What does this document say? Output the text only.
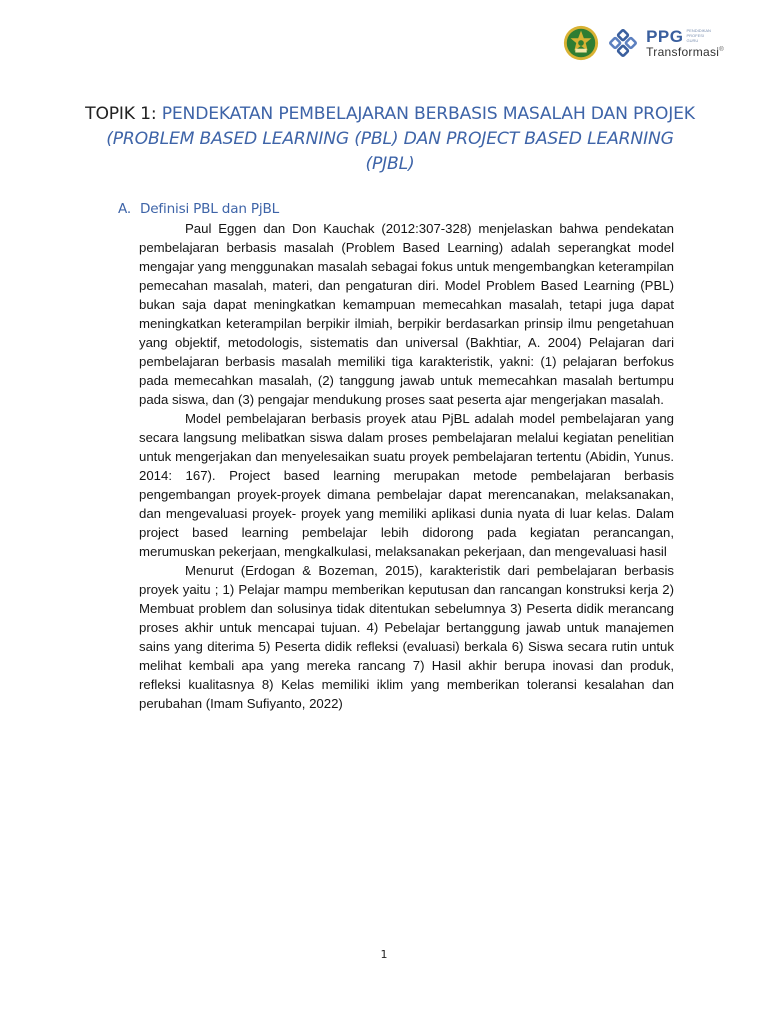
PPG PENDIDIKAN
PROFESI GURU
Transformasi®
TOPIK 1: PENDEKATAN PEMBELAJARAN BERBASIS MASALAH DAN PROJEK (PROBLEM BASED LEARNING (PBL) DAN PROJECT BASED LEARNING (PJBL)
A. Definisi PBL dan PjBL

Paul Eggen dan Don Kauchak (2012:307-328) menjelaskan bahwa pendekatan pembelajaran berbasis masalah (Problem Based Learning) adalah seperangkat model mengajar yang menggunakan masalah sebagai fokus untuk mengembangkan keterampilan pemecahan masalah, materi, dan pengaturan diri. Model Problem Based Learning (PBL) bukan saja dapat meningkatkan kemampuan memecahkan masalah, tetapi juga dapat meningkatkan keterampilan berpikir ilmiah, berpikir berdasarkan prinsip ilmu pengetahuan yang objektif, metodologis, sistematis dan universal (Bakhtiar, A. 2004) Pelajaran dari pembelajaran berbasis masalah memiliki tiga karakteristik, yakni: (1) pelajaran berfokus pada memecahkan masalah, (2) tanggung jawab untuk memecahkan masalah bertumpu pada siswa, dan (3) pengajar mendukung proses saat peserta ajar mengerjakan masalah.

Model pembelajaran berbasis proyek atau PjBL adalah model pembelajaran yang secara langsung melibatkan siswa dalam proses pembelajaran melalui kegiatan penelitian untuk mengerjakan dan menyelesaikan suatu proyek pembelajaran tertentu (Abidin, Yunus. 2014: 167). Project based learning merupakan metode pembelajaran berbasis pengembangan proyek-proyek dimana pembelajar dapat merencanakan, melaksanakan, dan mengevaluasi proyek- proyek yang memiliki aplikasi dunia nyata di luar kelas. Dalam project based learning pembelajar lebih didorong pada kegiatan perancangan, merumuskan pekerjaan, mengkalkulasi, melaksanakan pekerjaan, dan mengevaluasi hasil

Menurut (Erdogan & Bozeman, 2015), karakteristik dari pembelajaran berbasis proyek yaitu ; 1) Pelajar mampu memberikan keputusan dan rancangan konstruksi kerja 2) Membuat problem dan solusinya tidak ditentukan sebelumnya 3) Peserta didik merancang proses akhir untuk mencapai tujuan. 4) Pebelajar bertanggung jawab untuk manajemen sains yang diterima 5) Peserta didik refleksi (evaluasi) berkala 6) Siswa secara rutin untuk melihat kembali apa yang mereka rancang 7) Hasil akhir berupa inovasi dan produk, refleksi kualitasnya 8) Kelas memiliki iklim yang memberikan toleransi kesalahan dan perubahan (Imam Sufiyanto, 2022)

1
